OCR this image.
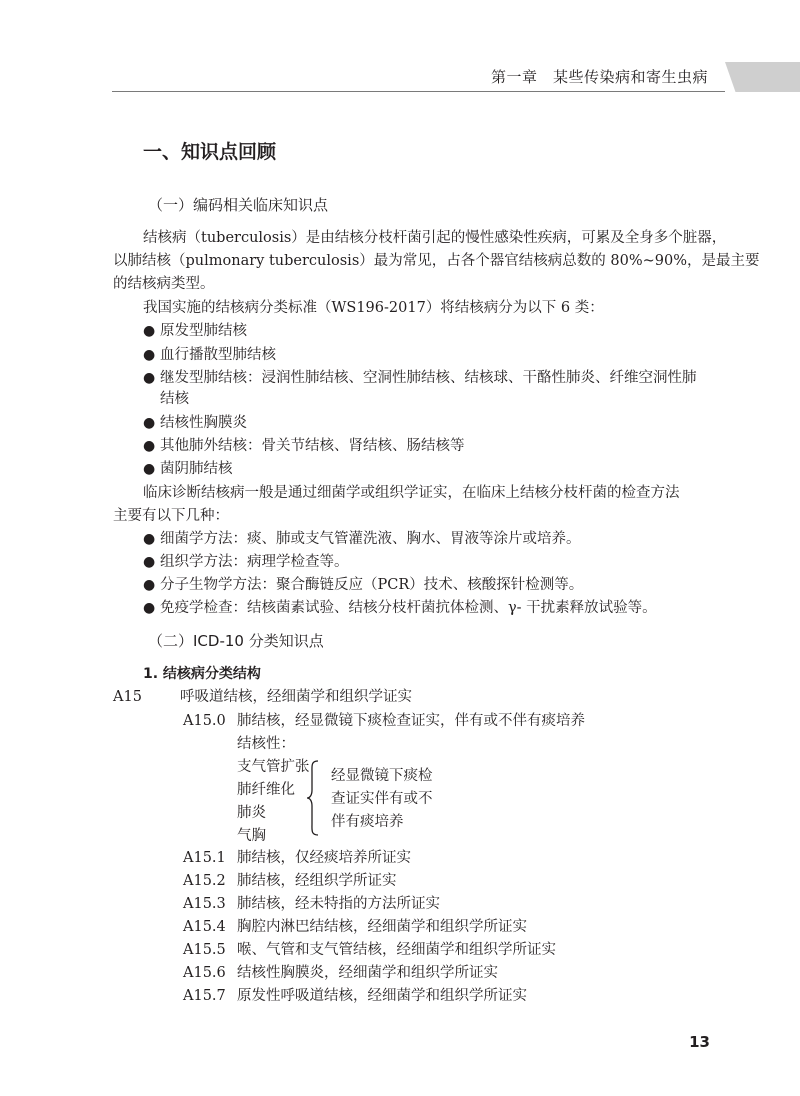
第一章　某些传染病和寄生虫病
一、知识点回顾
（一）编码相关临床知识点
结核病（tuberculosis）是由结核分枝杆菌引起的慢性感染性疾病，可累及全身多个脏器，
以肺结核（pulmonary tuberculosis）最为常见，占各个器官结核病总数的 80%~90%，是最主要
的结核病类型。
我国实施的结核病分类标准（WS196-2017）将结核病分为以下 6 类：
● 原发型肺结核
● 血行播散型肺结核
● 继发型肺结核：浸润性肺结核、空洞性肺结核、结核球、干酪性肺炎、纤维空洞性肺
结核
● 结核性胸膜炎
● 其他肺外结核：骨关节结核、肾结核、肠结核等
● 菌阴肺结核
临床诊断结核病一般是通过细菌学或组织学证实，在临床上结核分枝杆菌的检查方法
主要有以下几种：
● 细菌学方法：痰、肺或支气管灌洗液、胸水、胃液等涂片或培养。
● 组织学方法：病理学检查等。
● 分子生物学方法：聚合酶链反应（PCR）技术、核酸探针检测等。
● 免疫学检查：结核菌素试验、结核分枝杆菌抗体检测、γ- 干扰素释放试验等。
（二）ICD-10 分类知识点
1. 结核病分类结构
A15	呼吸道结核，经细菌学和组织学证实
A15.0 肺结核，经显微镜下痰检查证实，伴有或不伴有痰培养
结核性：
支气管扩张
肺纤维化
肺炎
气胸
经显微镜下痰检
查证实伴有或不
伴有痰培养
A15.1 肺结核，仅经痰培养所证实
A15.2 肺结核，经组织学所证实
A15.3 肺结核，经未特指的方法所证实
A15.4 胸腔内淋巴结结核，经细菌学和组织学所证实
A15.5 喉、气管和支气管结核，经细菌学和组织学所证实
A15.6 结核性胸膜炎，经细菌学和组织学所证实
A15.7 原发性呼吸道结核，经细菌学和组织学所证实
13
